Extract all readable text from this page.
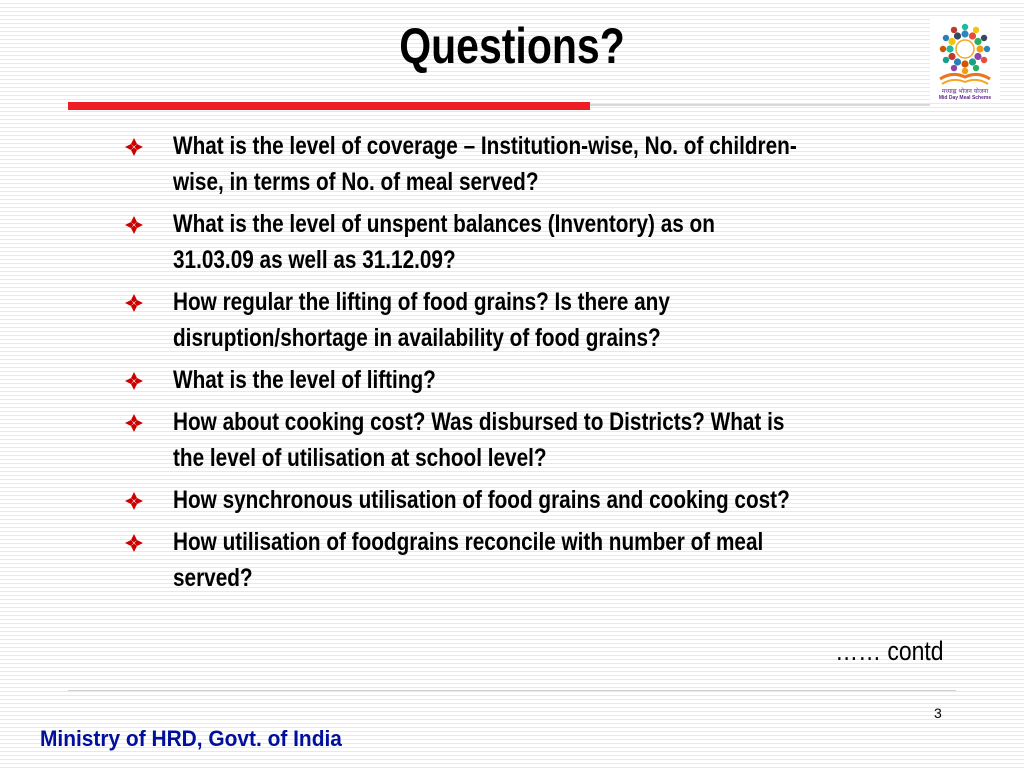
Questions?
मध्याह्न भोजन योजना
Mid Day Meal Scheme
What is the level of coverage – Institution-wise, No. of children-
wise, in terms of No. of meal served?
What is the level of unspent balances (Inventory) as on
31.03.09 as well as 31.12.09?
How regular the lifting of food grains? Is there any
disruption/shortage in availability of food grains?
What is the level of lifting?
How about cooking cost? Was disbursed to Districts? What is
the level of utilisation at school level?
How synchronous utilisation of food grains and cooking cost?
How utilisation of foodgrains reconcile with number of meal
served?
…… contd
3
Ministry of HRD, Govt. of India
